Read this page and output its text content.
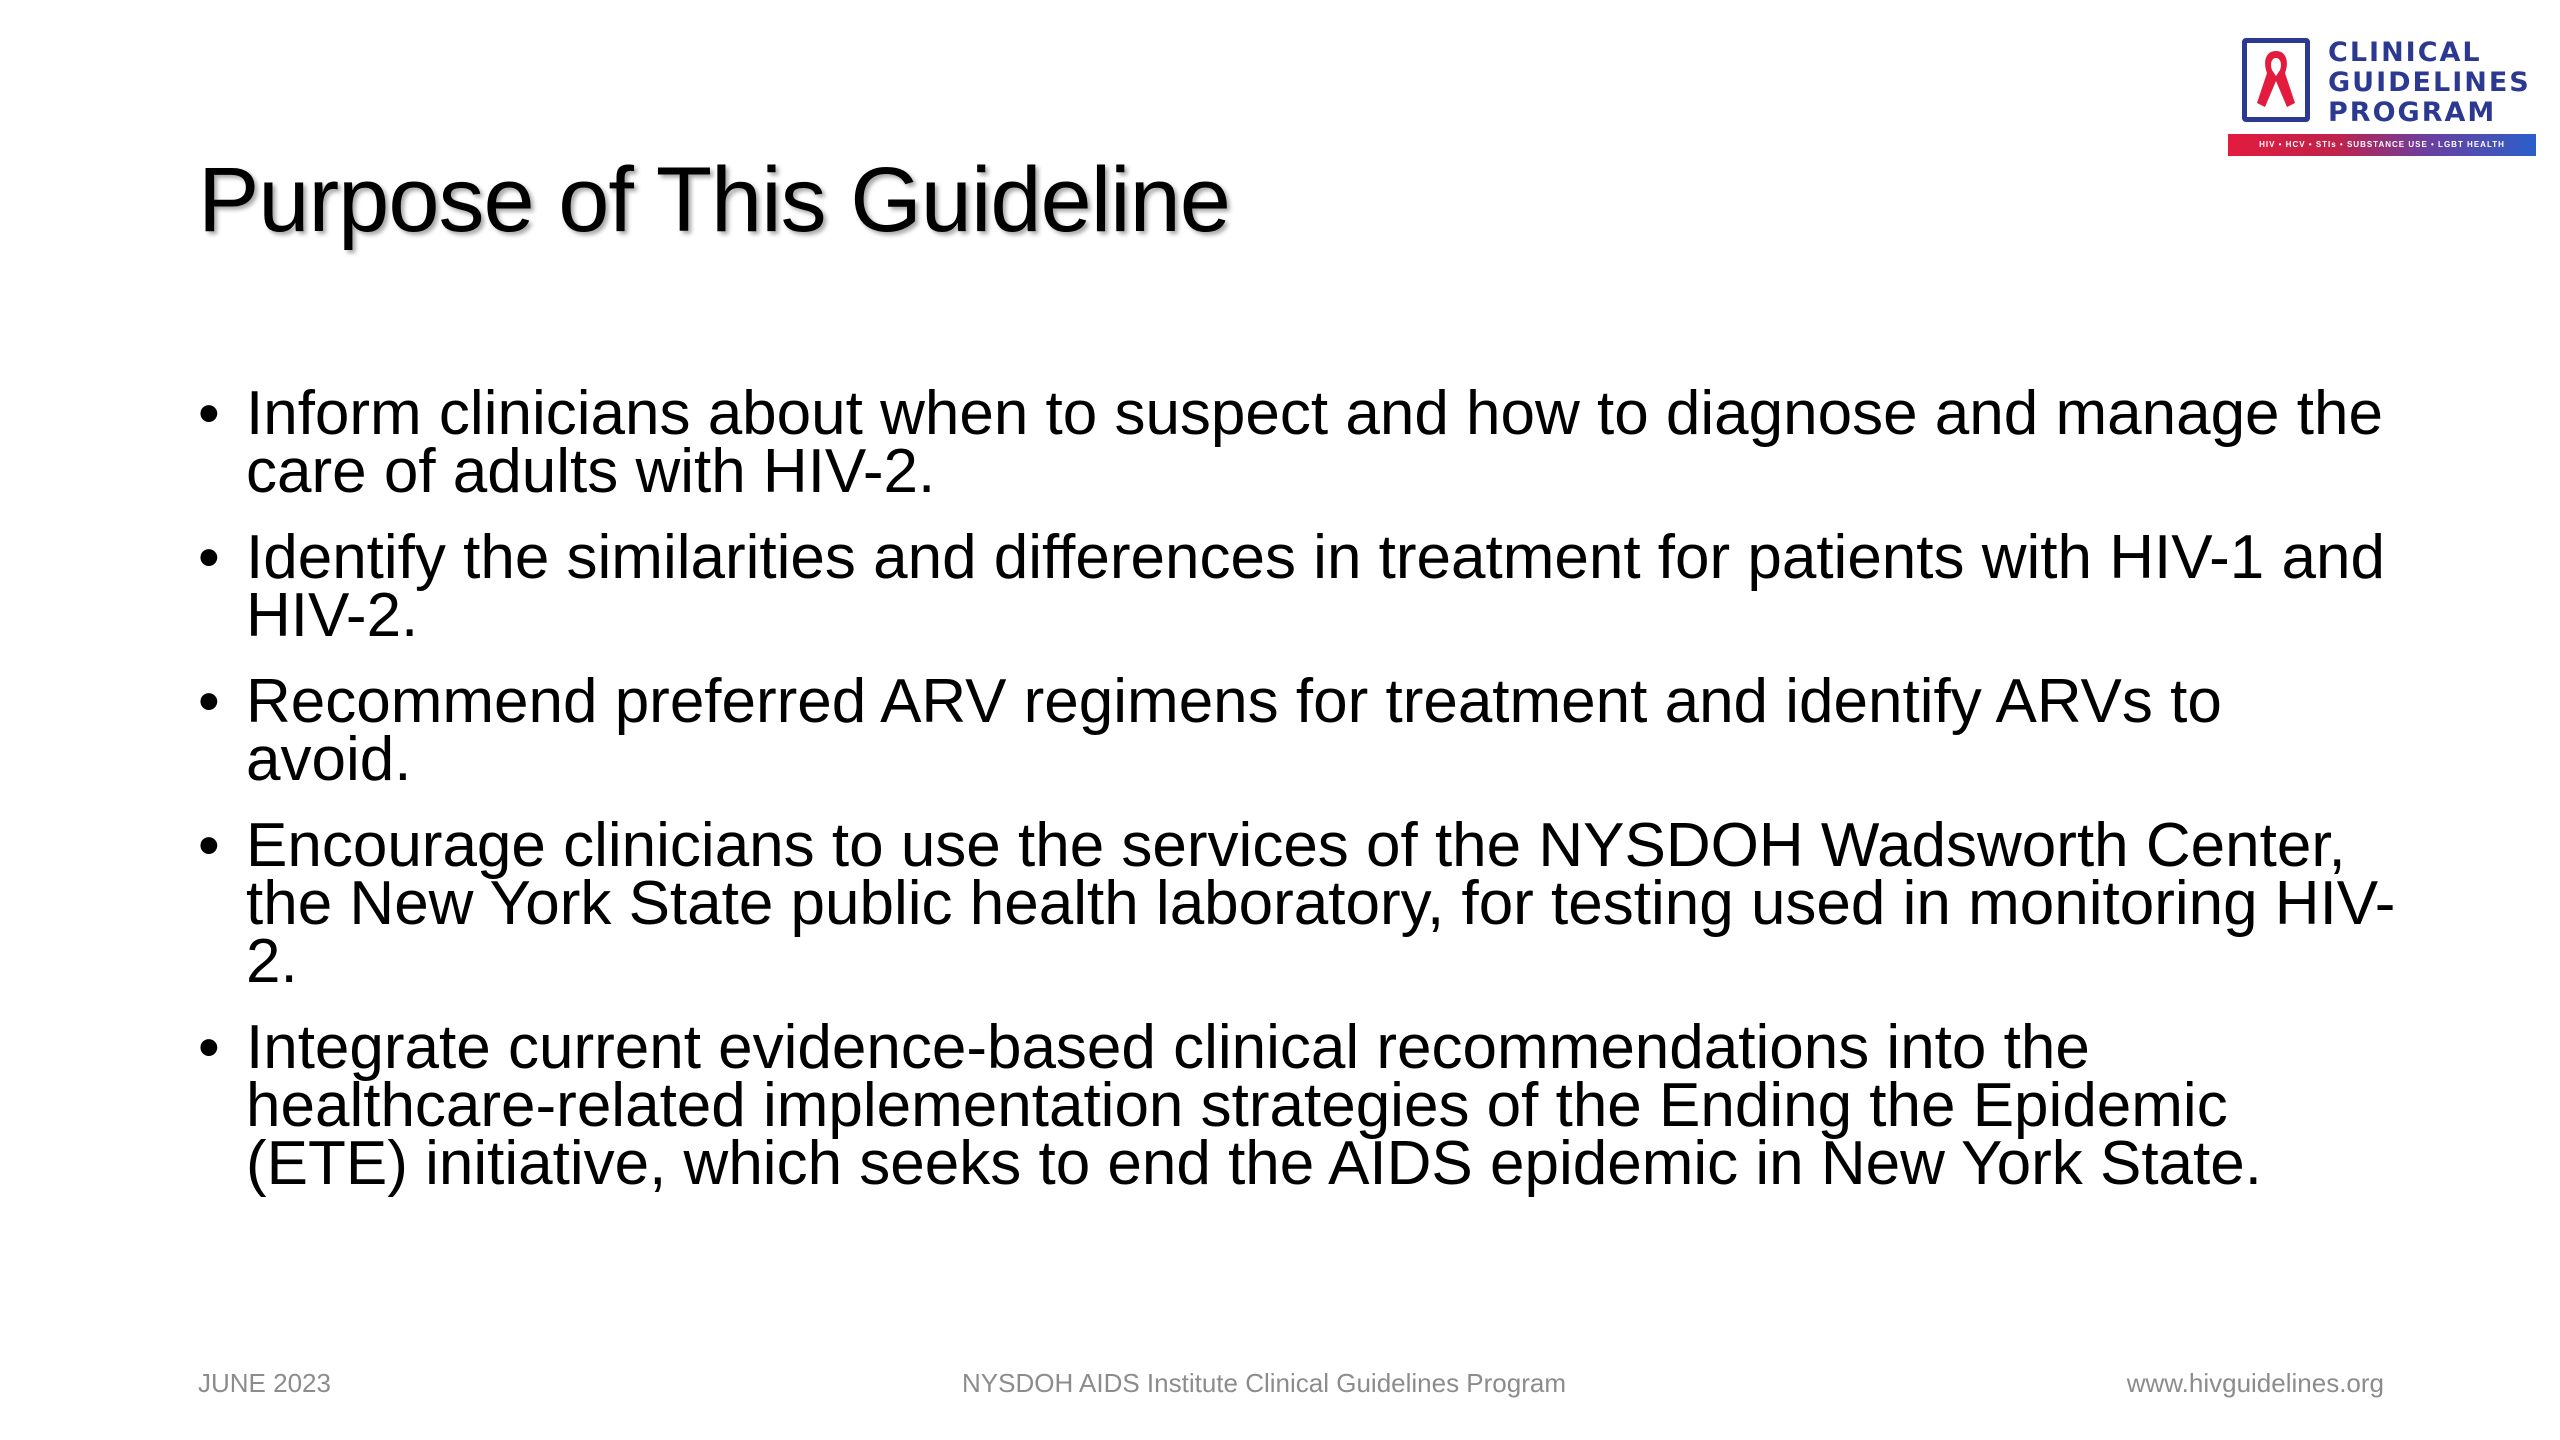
CLINICAL
GUIDELINES
PROGRAM
HIV • HCV • STIs • SUBSTANCE USE • LGBT HEALTH
Purpose of This Guideline
• Inform clinicians about when to suspect and how to diagnose and manage the care of adults with HIV-2.
• Identify the similarities and differences in treatment for patients with HIV-1 and HIV-2.
• Recommend preferred ARV regimens for treatment and identify ARVs to avoid.
• Encourage clinicians to use the services of the NYSDOH Wadsworth Center, the New York State public health laboratory, for testing used in monitoring HIV-2.
• Integrate current evidence-based clinical recommendations into the healthcare-related implementation strategies of the Ending the Epidemic (ETE) initiative, which seeks to end the AIDS epidemic in New York State.
JUNE 2023	NYSDOH AIDS Institute Clinical Guidelines Program	www.hivguidelines.org
